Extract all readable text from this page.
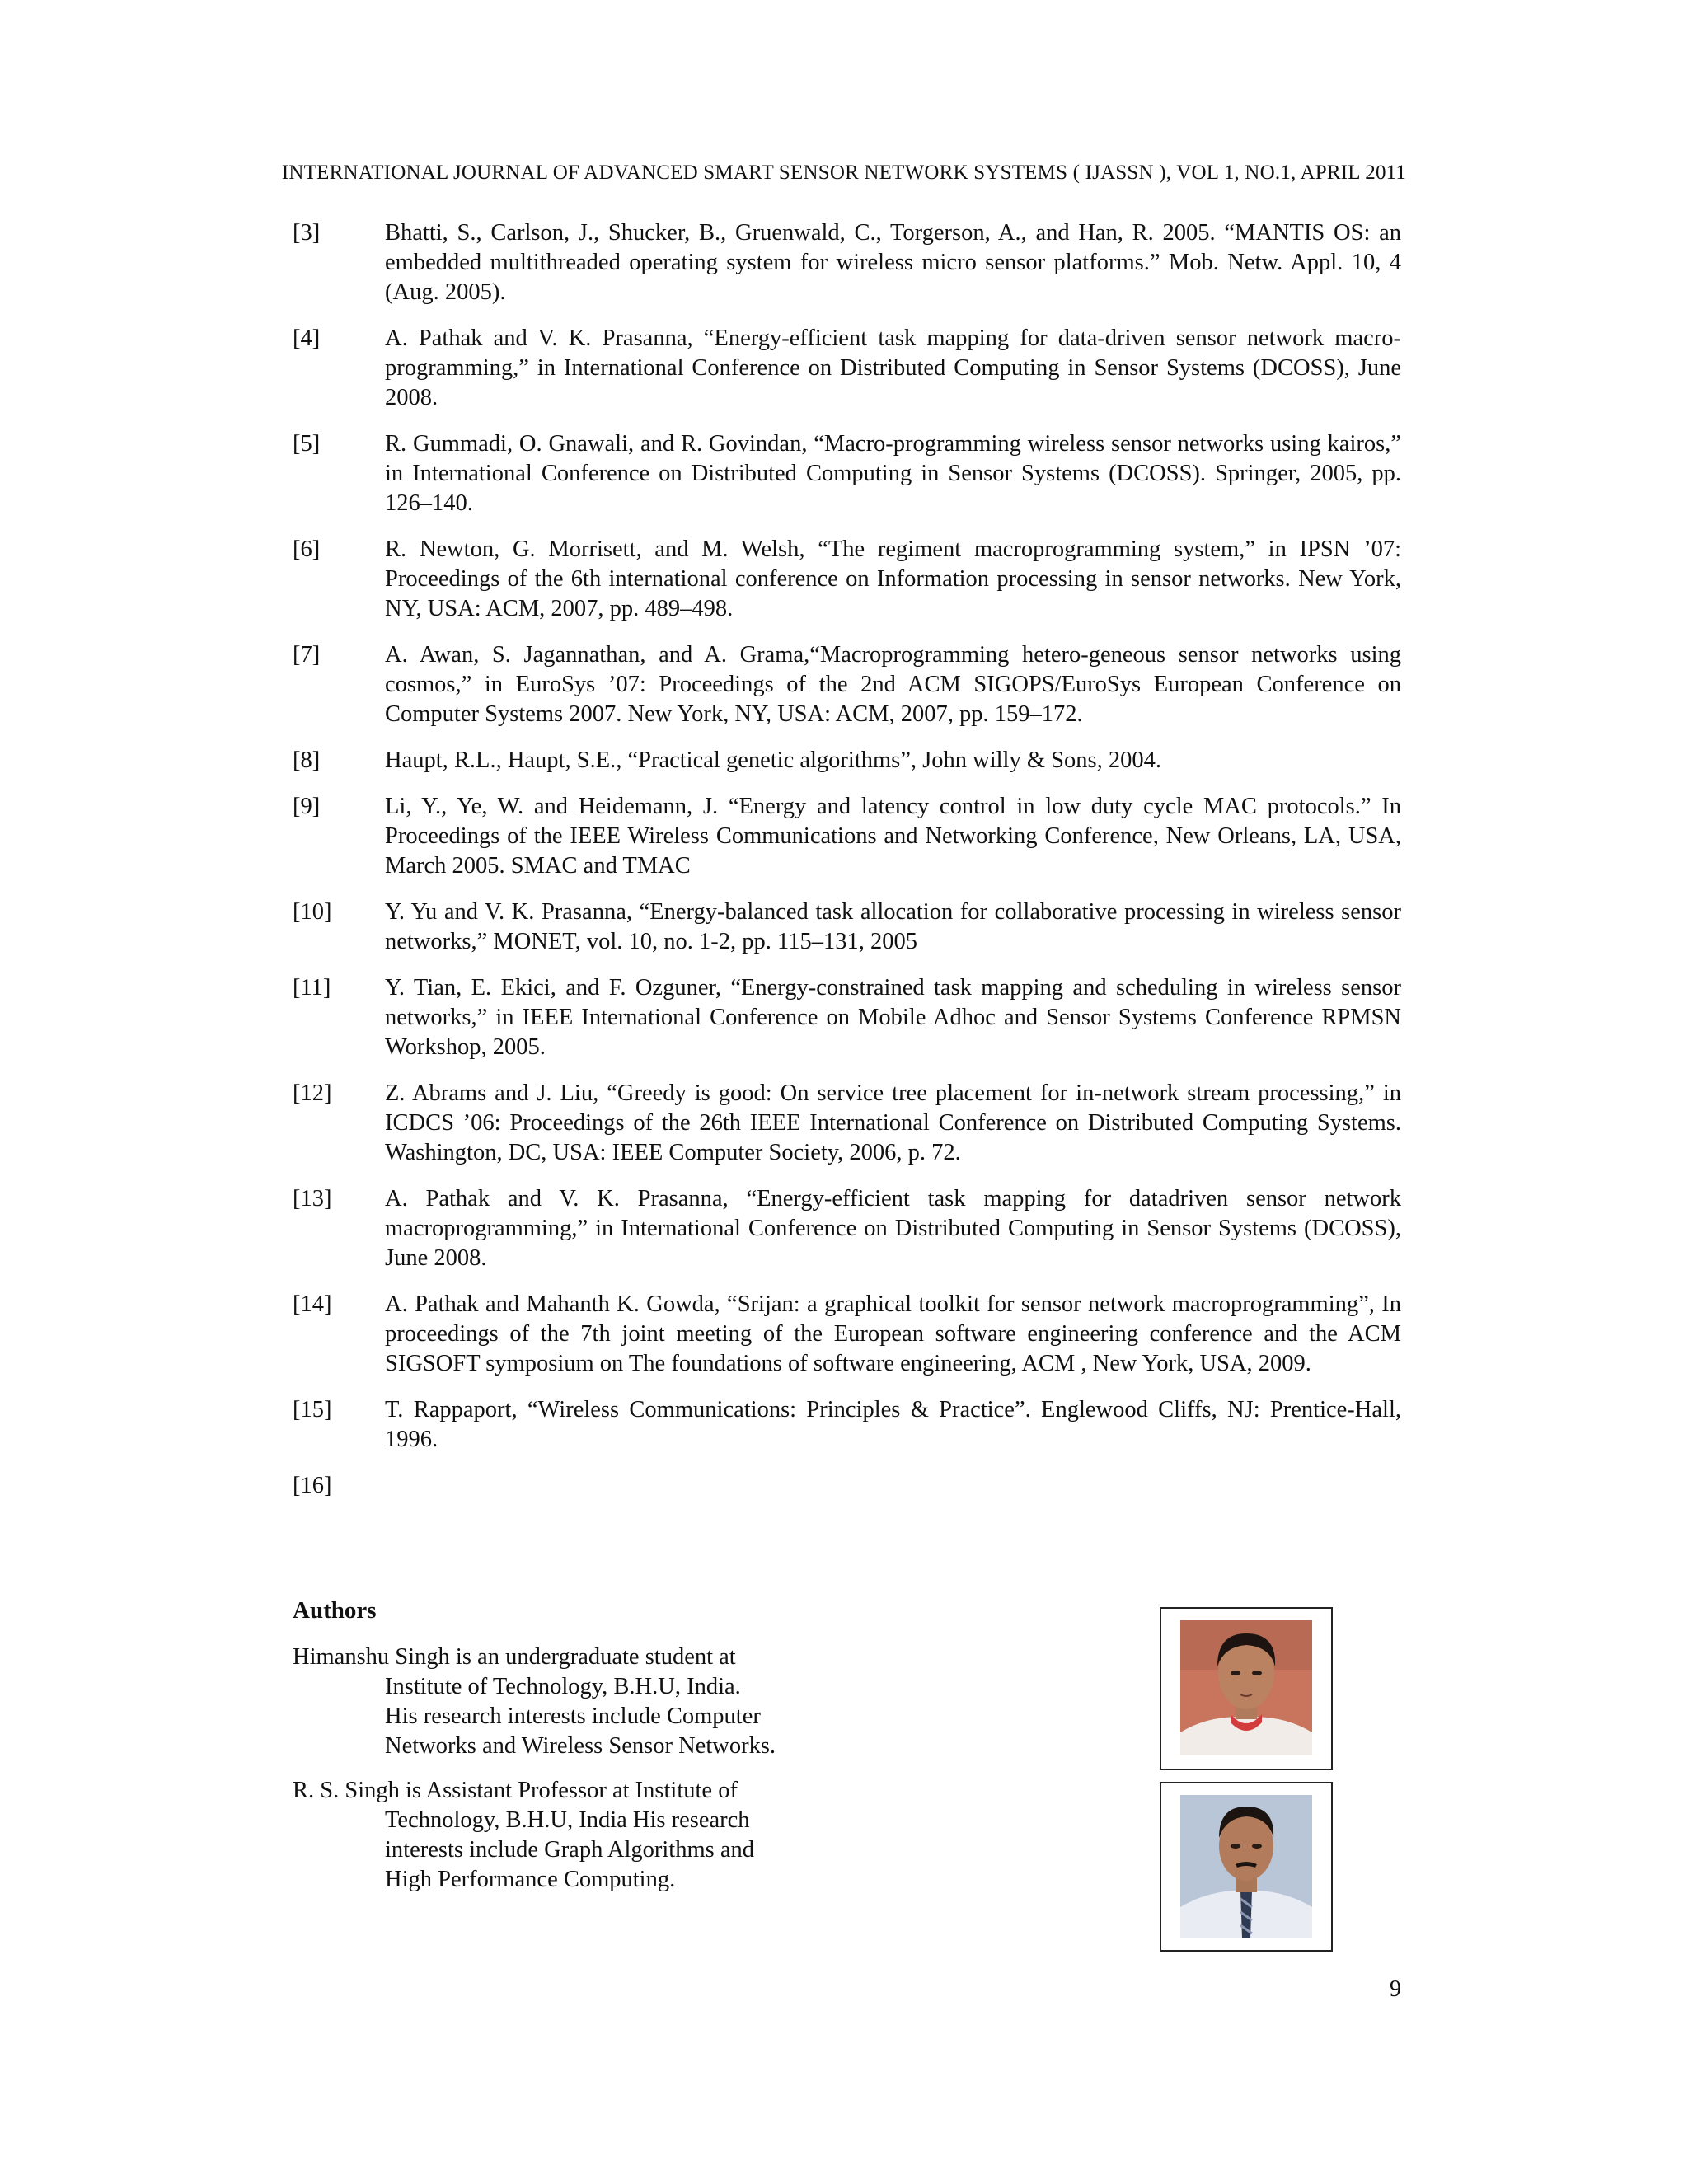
INTERNATIONAL JOURNAL OF ADVANCED SMART SENSOR NETWORK SYSTEMS ( IJASSN ), VOL 1, NO.1, APRIL 2011
[3]	Bhatti, S., Carlson, J., Shucker, B., Gruenwald, C., Torgerson, A., and Han, R. 2005. “MANTIS OS: an embedded multithreaded operating system for wireless micro sensor platforms.” Mob. Netw. Appl. 10, 4 (Aug. 2005).
[4]	A. Pathak and V. K. Prasanna, “Energy-efficient task mapping for data-driven sensor network macro-programming,” in International Conference on Distributed Computing in Sensor Systems (DCOSS), June 2008.
[5]	R. Gummadi, O. Gnawali, and R. Govindan, “Macro-programming wireless sensor networks using kairos,” in International Conference on Distributed Computing in Sensor Systems (DCOSS). Springer, 2005, pp. 126–140.
[6]	R. Newton, G. Morrisett, and M. Welsh, “The regiment macroprogramming system,” in IPSN ’07: Proceedings of the 6th international conference on Information processing in sensor networks. New York, NY, USA: ACM, 2007, pp. 489–498.
[7]	A. Awan, S. Jagannathan, and A. Grama,“Macroprogramming hetero-geneous sensor networks using cosmos,” in EuroSys ’07: Proceedings of the 2nd ACM SIGOPS/EuroSys European Conference on Computer Systems 2007. New York, NY, USA: ACM, 2007, pp. 159–172.
[8]	Haupt, R.L., Haupt, S.E., “Practical genetic algorithms”, John willy & Sons, 2004.
[9]	Li, Y., Ye, W. and Heidemann, J. “Energy and latency control in low duty cycle MAC protocols.” In Proceedings of the IEEE Wireless Communications and Networking Conference, New Orleans, LA, USA, March 2005. SMAC and TMAC
[10] Y. Yu and V. K. Prasanna, “Energy-balanced task allocation for collaborative processing in wireless sensor networks,” MONET, vol. 10, no. 1-2, pp. 115–131, 2005
[11] Y. Tian, E. Ekici, and F. Ozguner, “Energy-constrained task mapping and scheduling in wireless sensor networks,” in IEEE International Conference on Mobile Adhoc and Sensor Systems Conference RPMSN Workshop, 2005.
[12] Z. Abrams and J. Liu, “Greedy is good: On service tree placement for in-network stream processing,” in ICDCS ’06: Proceedings of the 26th IEEE International Conference on Distributed Computing Systems. Washington, DC, USA: IEEE Computer Society, 2006, p. 72.
[13] A. Pathak and V. K. Prasanna, “Energy-efficient task mapping for datadriven sensor network macroprogramming,” in International Conference on Distributed Computing in Sensor Systems (DCOSS), June 2008.
[14] A. Pathak and Mahanth K. Gowda, “Srijan: a graphical toolkit for sensor network macroprogramming”, In proceedings of the 7th joint meeting of the European software engineering conference and the ACM SIGSOFT symposium on The foundations of software engineering, ACM , New York, USA, 2009.
[15] T. Rappaport, “Wireless Communications: Principles & Practice”. Englewood Cliffs, NJ: Prentice-Hall, 1996.
[16]
Authors
Himanshu Singh is an undergraduate student at
Institute of Technology, B.H.U, India.
His research interests include Computer
Networks and Wireless Sensor Networks.
R. S. Singh is Assistant Professor at Institute of
Technology, B.H.U, India His research
interests include Graph Algorithms and
High Performance Computing.
9
